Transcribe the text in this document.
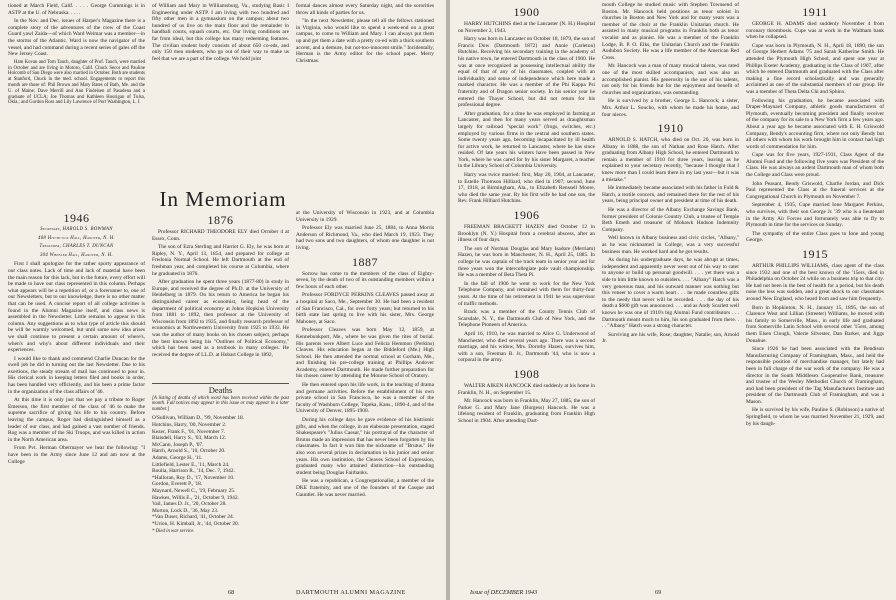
tioned at March Field, Calif. . . . . George Cummings is in ASTP at the U. of Nebraska. . . . .

In the Nov. and Dec. issues of Harper's Magazine there is a complete story of the adventures of the crew of the Coast Guard yawl Zaida—of which Ward Weimar was a member—in the storms of the Atlantic. Ward is now the navigator of the vessel, and had command during a recent series of gales off the New Jersey Coast.

Ham Kovan and Tom Tauch, daughter of Prof. Tauch, were married in October and are living in Motoro, Calif. Chuck Secor and Pauline Holcomb of San Diego were also married in October. Both are students at Stanford, Chuck in the med. school. Engagements to report this month are those of: Phil Brown and Mary Bates of Bath, Me. and the U. of Maine; Dave Merrill and Ann Findeisen of Pasadena and a graduate of UCLA; Joe Thomas and Kathleen Hourigan of Tulsa, Okla.; and Gordon Ross and Lily Lawrence of Port Washington, L. I.

of William and Mary in Williamsburg, Va., studying Basic I Engineering under ASTP. I am living with two hundred and fifty other men in a gymnasium on the campus; about two hundred of us live on the main floor and the remainder in handball courts, squash courts, etc. Our living conditions are far from ideal, but this college has many redeeming features. The civilian student body consists of about 650 co-eds, and only 150 men students, who go out of their way to make us feel that we are a part of the college. We hold joint

formal dances almost every Saturday night, and the sororities throw all kinds of parties for us.

"In the next Newsletter, please tell all the fellows stationed in Virginia, who would like to spend a week-end on a great campus, to come to William and Mary. I can always put them up and get them a date with a pretty co-ed with a thick southern accent, and a demure, but not-too-innocent smile." Incidentally, Herman is the Army editor for the school paper. Merry Christmas.

In Memoriam
1946
Secretary, HAROLD S. BOWMAN
408 Hitchcock Hall, Hanover, N. H.
Treasurer, CHARLES T. DUNCAN
304 Wheeler Hall, Hanover, N. H.

First I shall apologize for the rather sporty appearance of our class notes. Lack of time and lack of material have been the main reason for this lack, but in the future, every effort will be made to have our class represented in this column. Perhaps what appears will be a repetition of, or a forerunner to, one of our Newsletters, but to our knowledge, there is no other matter that can be used. A concise report of all college activities is found in the Alumni Magazine itself, and class news is assembled in the Newsletter. Little remains to appear in this column. Any suggestions as to what type of article this should be will be warmly welcomed, but until some new idea arises we shall continue to present a certain amount of where's, when's and why's about different individuals and their experiences.

I would like to thank and commend Charlie Duncan for the swell job he did in turning out the last Newsletter. Due to his exertions, the steady stream of mail has continued to pour in. His clerical work in keeping letters filed and books in order, has been handled very efficiently, and his been a prime factor in the organization of the class affairs of '46.

At this time it is only just that we pay a tribute to Roger Emerson, the first member of the class of '46 to make the supreme sacrifice of giving his life to his country. Before leaving the campus, Roger had distinguished himself as a leader of our class, and had gained a vast number of friends. Rog was a member of the Ski Troops, and was killed in action in the North American area.

From Pvt. Herman Obermayer we hear the following: "I have been in the Army since June 12 and am now at the College

1876

Professor RICHARD THEODORE ELY died October 4 at Essex, Conn.

The son of Ezra Sterling and Harriet G. Ely, he was born at Ripley, N. Y., April 13, 1854, and prepared for college at Fredonia Normal School. He left Dartmouth at the end of freshman year, and completed his course at Columbia, where he graduated in 1876.

After graduation he spent three years (1877-80) in study in Europe, and received the degree of Ph.D. at the University of Heidelberg in 1879. On his return to America he began his distinguished career as economist, being head of the department of political economy at Johns Hopkins University from 1881 to 1892, then professor at the University of Wisconsin from 1892 to 1925, and finally research professor of economics at Northwestern University from 1925 to 1933. He was the author of many books on his chosen subject, perhaps the best known being his "Outlines of Political Economy," which has been used as a textbook in many colleges. He received the degree of LL.D. at Hobart College in 1892,

Deaths
[A listing of deaths of which word has been received within the past month. Full notices may appear in this issue or may appear in a later number.]
O'Sullivan, William D., '99, November 18.
Hutchins, Harry, '00, November 2.
Kezer, Frank F., '01, November 7.
Blaisdell, Harry S., '03, March 12.
McCann, Joseph P., '07.
Hatch, Arnold S., '10, October 20.
Adams, George H., '11.
Littlefield, Lester E., '11, March 24.
Boulia, Harrison R., '14, Dec. 7, 1942.
*Halloran, Roy D., '17, November 10.
Gordon, Everett P., '18.
Maynard, Newell C., '19, February 25.
Hawkes, Willis E., '21, October 9, 1942.
Vail, James D. Jr., '20, October 28.
Morton, Lock D., '36, May 23.
*Van Duser, Richard, '41, October 24.
*Urion, H. Kimball, Jr., '44, October 20.
* Died in war service.

at the University of Wisconsin in 1923, and at Columbia University in 1929.

Professor Ely was married June 25, 1884, to Anna Morris Anderson of Richmond, Va., who died March 19, 1923. They had two sons and two daughters, of whom one daughter is not living.

1887

Sorrow has come to the members of the class of Eighty-seven, by the death of two of its outstanding members within a few hours of each other.

Professor FORDYCE PERKINS CLEAVES passed away at a hospital at Saco, Me., September 30. He had been a resident of San Francisco, Cal., for over forty years; but returned to his birth state last spring to live with his sister, Mrs. George Mahoney, at Saco.

Professor Cleaves was born May 12, 1859, at Kennebunkport, Me., where he was given the rites of burial. His parents were Albert Luce and Felicia Hemmon (Perkins) Cleaves. His education began at the Biddeford (Me.) High School. He then attended the normal school at Gorham, Me., and finishing his pre-college training at Phillips Andover Academy, entered Dartmouth. He made further preparation for his chosen career by attending the Monroe School of Oratory.

He then entered upon his life work, in the teaching of drama and germane activities. Before the establishment of his own private school in San Francisco, he was a member of the faculty of Washburn College, Topeka, Kans., 1890-4, and of the University of Denver, 1895-1900.

During his college days he gave evidence of his histrionic gifts, and when the college, in an elaborate presentation, staged Shakespeare's "Julius Caesar," his portrayal of the character of Brutus made an impression that has never been forgotten by his classmates. In fact it won him the nickname of "Brutus." He also won several prizes in declamation in his junior and senior years. His own institution, the Cleaves School of Expression, graduated many who attained distinction—his outstanding student being Douglas Fairbanks.

He was a republican, a Congregationalist, a member of the DKE fraternity, and one of the founders of the Casque and Gauntlet. He was never married.

68	DARTMOUTH ALUMNI MAGAZINE
1900

HARRY HUTCHINS died at the Lancaster (N. H.) Hospital on November 2, 1943.

Harry was born in Lancaster on October 18, 1879, the son of Francis Dow (Dartmouth 1872) and Annie (Carleton) Hutchins. Receiving his secondary training in the academy of his native town, he entered Dartmouth in the class of 1900. He was at once recognized as possessing intellectual ability the equal of that of any of his classmates, coupled with an individuality and sense of independence which here made a marked character. He was a member of the Phi Kappa Psi fraternity and of Dragon senior society. In his senior year he entered the Thayer School, but did not return for his professional degree.

After graduation, for a time he was employed in farming at Lancaster, and then for many years served as draughtsman largely for railroad "special work" (frogs, switches, etc.) employed by various firms in the central and southern states. Some twenty years ago, becoming incapacitated by ill health for active work, he returned to Lancaster, where he has since resided. Of late years his winters have been passed in New York, where he was cared for by his sister Margaret, a teacher in the Library School of Columbia University.

Harry was twice married: first, May 20, 1904, at Lancaster, to Estelle Thomson Hilliard, who died in 1907; second, June 17, 1918, at Birmingham, Ala., to Elizabeth Renssell Moore, who died the same year. By his first wife he had one son, the Rev. Frank Hilliard Hutchins.

1906

FREEMAN BRACKETT HAZEN died October 12 in Brooklyn (N. Y.) Hospital from a cerebral abscess, after an illness of four days.

The son of Norman Douglas and Mary Isadore (Merriam) Hazen, he was born in Manchester, N. H., April 25, 1885. In college he was captain of the track team in senior year and for three years won the intercollegiate pole vault championship. He was a member of Beta Theta Pi.

In the fall of 1906 he went to work for the New York Telephone Company, and remained with them for thirty-four years. At the time of his retirement in 1941 he was supervisor of traffic methods.

Brack was a member of the County Tennis Club of Scarsdale, N. Y., the Dartmouth Club of New York, and the Telephone Pioneers of America.

April 16, 1910, he was married to Alice G. Underwood of Manchester, who died several years ago. There was a second marriage, and his widow, Mrs. Dorothy Hazen, survives him, with a son, Freeman B. Jr., Dartmouth '44, who is now a corporal in the army.

1908

WALTER AIKEN HANCOCK died suddenly at his home in Franklin, N. H., on September 15.

Mr. Hancock was born in Franklin, May 27, 1885, the son of Parker G. and Mary Jane (Burgess) Hancock. He was a lifelong resident of Franklin, graduating from Franklin High School in 1904. After attending Dart-

mouth College he studied music with Stephen Townsend of Boston. Mr. Hancock held positions as tenor soloist in churches in Boston and New York and for many years was a member of the choir at the Franklin Unitarian church. He assisted in many musical programs in Franklin both as tenor vocalist and as pianist. He was a member of the Franklin Lodge, B. P. O. Elks, the Unitarian Church and the Franklin Audubon Society. He was a life member of the American Red Cross.

Mr. Hancock was a man of many musical talents, was rated one of the most skilled accompanists, and was also an accomplished pianist. His generosity in the use of his talents, not only for his friends but for the enjoyment and benefit of churches and organizations, was outstanding.

He is survived by a brother, George L. Hancock; a sister, Mrs. Arthur L. Soucho, with whom he made his home, and four nieces.

1910

ARNOLD S. HATCH, who died on Oct. 20, was born in Albany in 1888, the son of Nathan and Rose Hatch. After graduating from Albany High School, he entered Dartmouth to remain a member of 1910 for three years, leaving as he explained to your secretary recently, "because I thought that I knew more than I could learn there in my last year—but it was a mistake."

He immediately became associated with his father in Fuld & Hatch, a textile concern, and remained there for the rest of his years, being principal owner and president at time of his death.

He was a director of the Albany Exchange Savings Bank, former president of Colonie Country Club, a trustee of Temple Beth Emeth and treasurer of Mohawk Hudson Indemnity Company.

Well known in Albany business and civic circles, "Albany," as he was nicknamed in College, was a very successful business man. He worked hard and he got results.

As during his undergraduate days, he was abrupt at times, independent and apparently never went out of his way to cater to anyone or build up personal goodwill. . . . yet there was a side to him little known to outsiders. . . . "Albany" Hatch was a very generous man, and his outward manner was nothing but this veneer to cover a warm heart . . . he made countless gifts to the needy that never will be recorded. . . . the day of his death a $600 gift was announced. . . . and as Andy Scarlett well knows he was one of 1910's big Alumni Fund contributors . . . Dartmouth meant much to him, his son graduated from there. . . . "Albany" Hatch was a strong character.

Surviving are his wife, Rose; daughter, Natalie; son, Arnold Jr.

1911

GEORGE H. ADAMS died suddenly November 4 from coronary thrombosis. Cupe was at work in the Waltham bank when he collapsed.

Cupe was born in Plymouth, N. H., April 18, 1890, the son of George Herbert Adams '75 and Sarah Katherine Smith. He attended the Plymouth High School, and spent one year at Phillips Exeter Academy, graduating in the Class of 1907, after which he entered Dartmouth and graduated with the Class after making a fine record scholastically and was generally acclaimed as one of the substantial members of our group. He was a member of Theta Delta Chi and Sphinx.

Following his graduation, he became associated with Draper-Maynard Company, athletic goods manufacturers of Plymouth, eventually becoming president and finally receiver of the company for its sale to a New York firm a few years ago. About a year ago he became associated with E. H. Griswold Company, Bendy's accounting firm, where not only Bendy but all others with whom his work brought him in contact had high words of commendation for him.

Cupe was for five years, 1927-1931, Class Agent of the Alumni Fund and the following five years was President of the Class. He was always an ardent Dartmouth man of whom both the College and Class were proud.

John Peasant, Bendy Griswold, Charlie Jordan, and Dick Paul represented the Class at the funeral services at the Congregational Church in Plymouth on November 7.

September 4, 1935, Cupe married Ione Margaret Perkins, who survives, with their son George Jr. '39 who is a lieutenant in the Army Air Forces and fortunately was able to fly to Plymouth in time for the services on Sunday.

The sympathy of the entire Class goes to Ione and young George.

1915

ARTHUR PHILLIPS WILLIAMS, class agent of the class since 1932 and one of the best known of the '15ers, died in Philadelphia on October 24 while on a business trip to that city. He had not been in the best of health for a period, but his death none the less was sudden, and a great shock to our classmates around New England, who heard from and saw him frequently.

Born in Hopkinton, N. H., January 15, 1895, the son of Clarence West and Lillian (Streeter) Williams, he moved with his family to Somerville, Mass., in early life and graduated from Somerville Latin School with several other '15ers, among them Elsen Clough, Valerie Silvester, Dan Barker, and Jiggs Donahue.

Since 1926 he had been associated with the Bendison Manufacturing Company of Framingham, Mass., and held the responsible position of merchandise manager, but lately had been in full charge of the war work of the company. He was a director in the South Middlesex Cooperative Bank, treasurer and trustee of the Wesley Methodist Church of Framingham, and had been president of the Tag Manufacturers Institute and president of the Dartmouth Club of Framingham, and was a Mason.

He is survived by his wife, Pauline S. (Robinson) a native of Springfield, to whom he was married November 21, 1929, and by his daugh-

Issue of DECEMBER 1943	69
